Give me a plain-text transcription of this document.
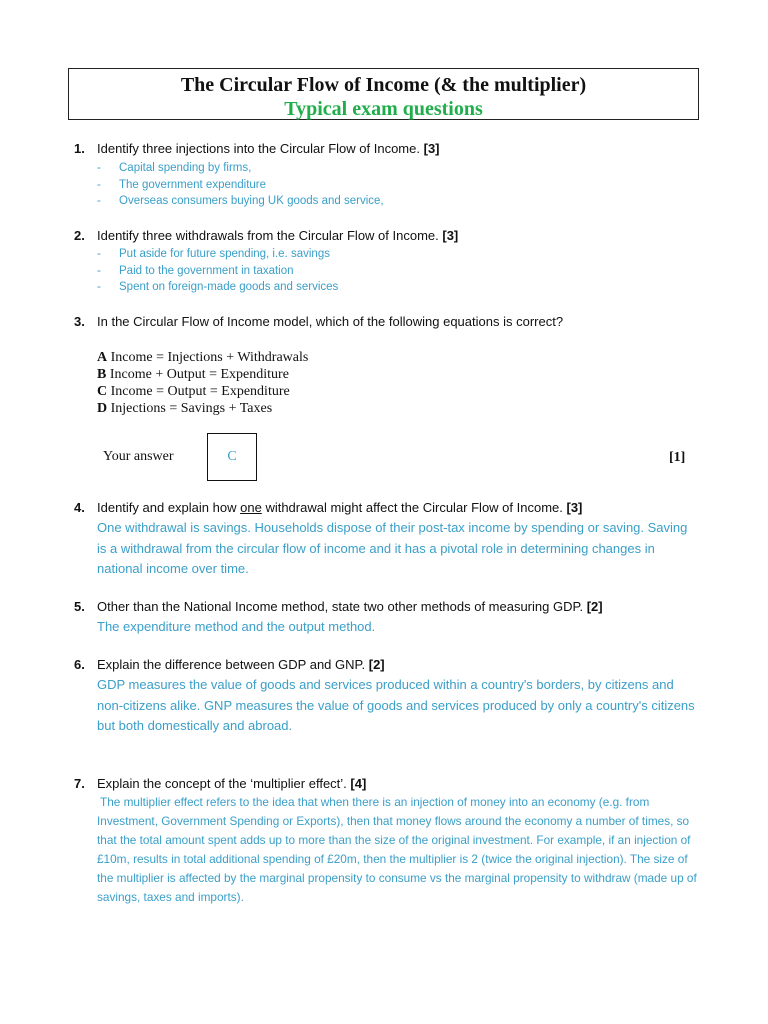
The Circular Flow of Income (& the multiplier)
Typical exam questions
1. Identify three injections into the Circular Flow of Income. [3]
- Capital spending by firms,
- The government expenditure
- Overseas consumers buying UK goods and service,
2. Identify three withdrawals from the Circular Flow of Income. [3]
- Put aside for future spending, i.e. savings
- Paid to the government in taxation
- Spent on foreign-made goods and services
3. In the Circular Flow of Income model, which of the following equations is correct?
A Income = Injections + Withdrawals
B Income + Output = Expenditure
C Income = Output = Expenditure
D Injections = Savings + Taxes
Your answer	C	[1]
4. Identify and explain how one withdrawal might affect the Circular Flow of Income. [3]
One withdrawal is savings. Households dispose of their post-tax income by spending or saving. Saving is a withdrawal from the circular flow of income and it has a pivotal role in determining changes in national income over time.
5. Other than the National Income method, state two other methods of measuring GDP. [2]
The expenditure method and the output method.
6. Explain the difference between GDP and GNP. [2]
GDP measures the value of goods and services produced within a country's borders, by citizens and non-citizens alike. GNP measures the value of goods and services produced by only a country's citizens but both domestically and abroad.
7. Explain the concept of the ‘multiplier effect’. [4]
The multiplier effect refers to the idea that when there is an injection of money into an economy (e.g. from Investment, Government Spending or Exports), then that money flows around the economy a number of times, so that the total amount spent adds up to more than the size of the original investment. For example, if an injection of £10m, results in total additional spending of £20m, then the multiplier is 2 (twice the original injection). The size of the multiplier is affected by the marginal propensity to consume vs the marginal propensity to withdraw (made up of savings, taxes and imports).
